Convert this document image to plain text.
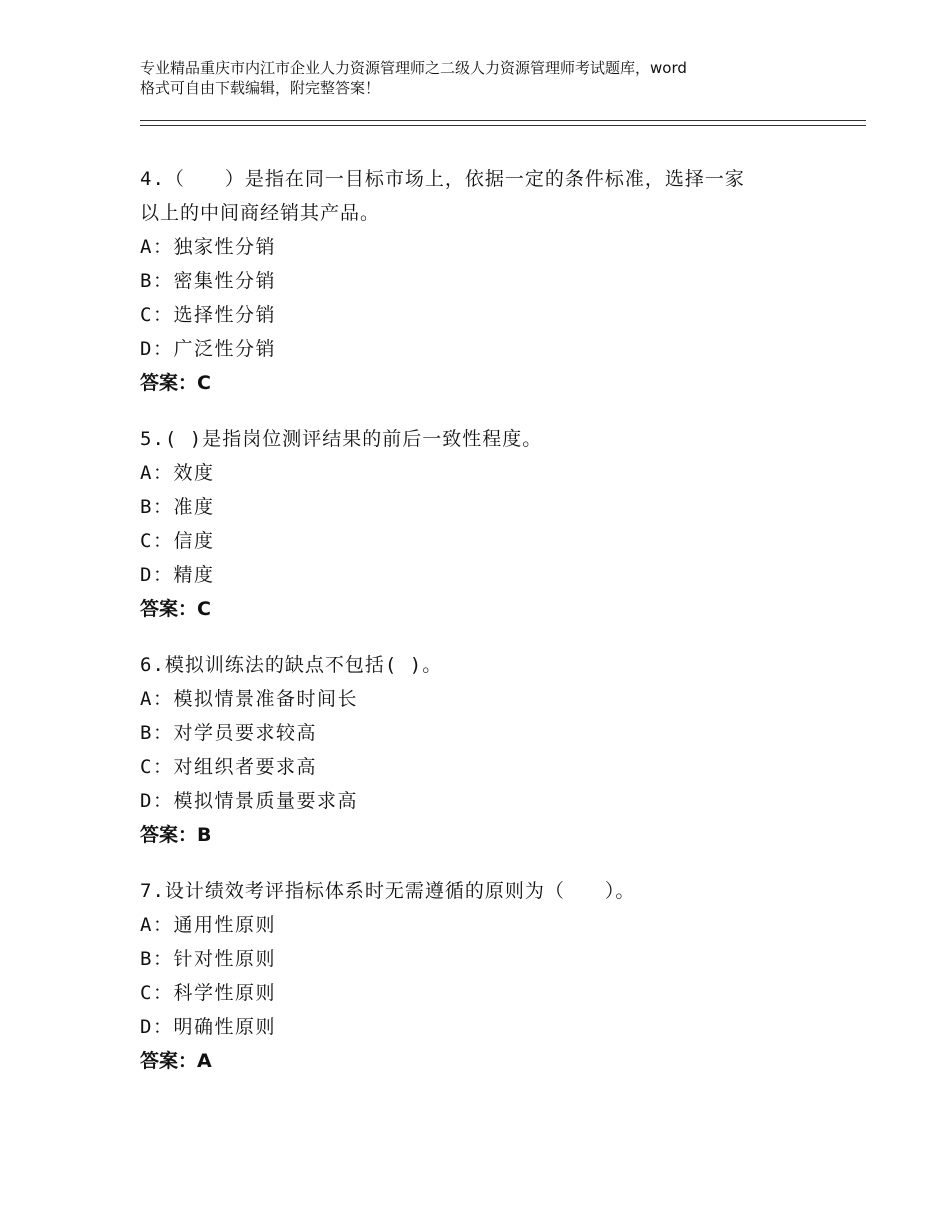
专业精品重庆市内江市企业人力资源管理师之二级人力资源管理师考试题库，word
格式可自由下载编辑，附完整答案！
4.（　　）是指在同一目标市场上，依据一定的条件标准，选择一家
以上的中间商经销其产品。
A：独家性分销
B：密集性分销
C：选择性分销
D：广泛性分销
答案：C
5.( )是指岗位测评结果的前后一致性程度。
A：效度
B：准度
C：信度
D：精度
答案：C
6.模拟训练法的缺点不包括( )。
A：模拟情景准备时间长
B：对学员要求较高
C：对组织者要求高
D：模拟情景质量要求高
答案：B
7.设计绩效考评指标体系时无需遵循的原则为（　　）。
A：通用性原则
B：针对性原则
C：科学性原则
D：明确性原则
答案：A
